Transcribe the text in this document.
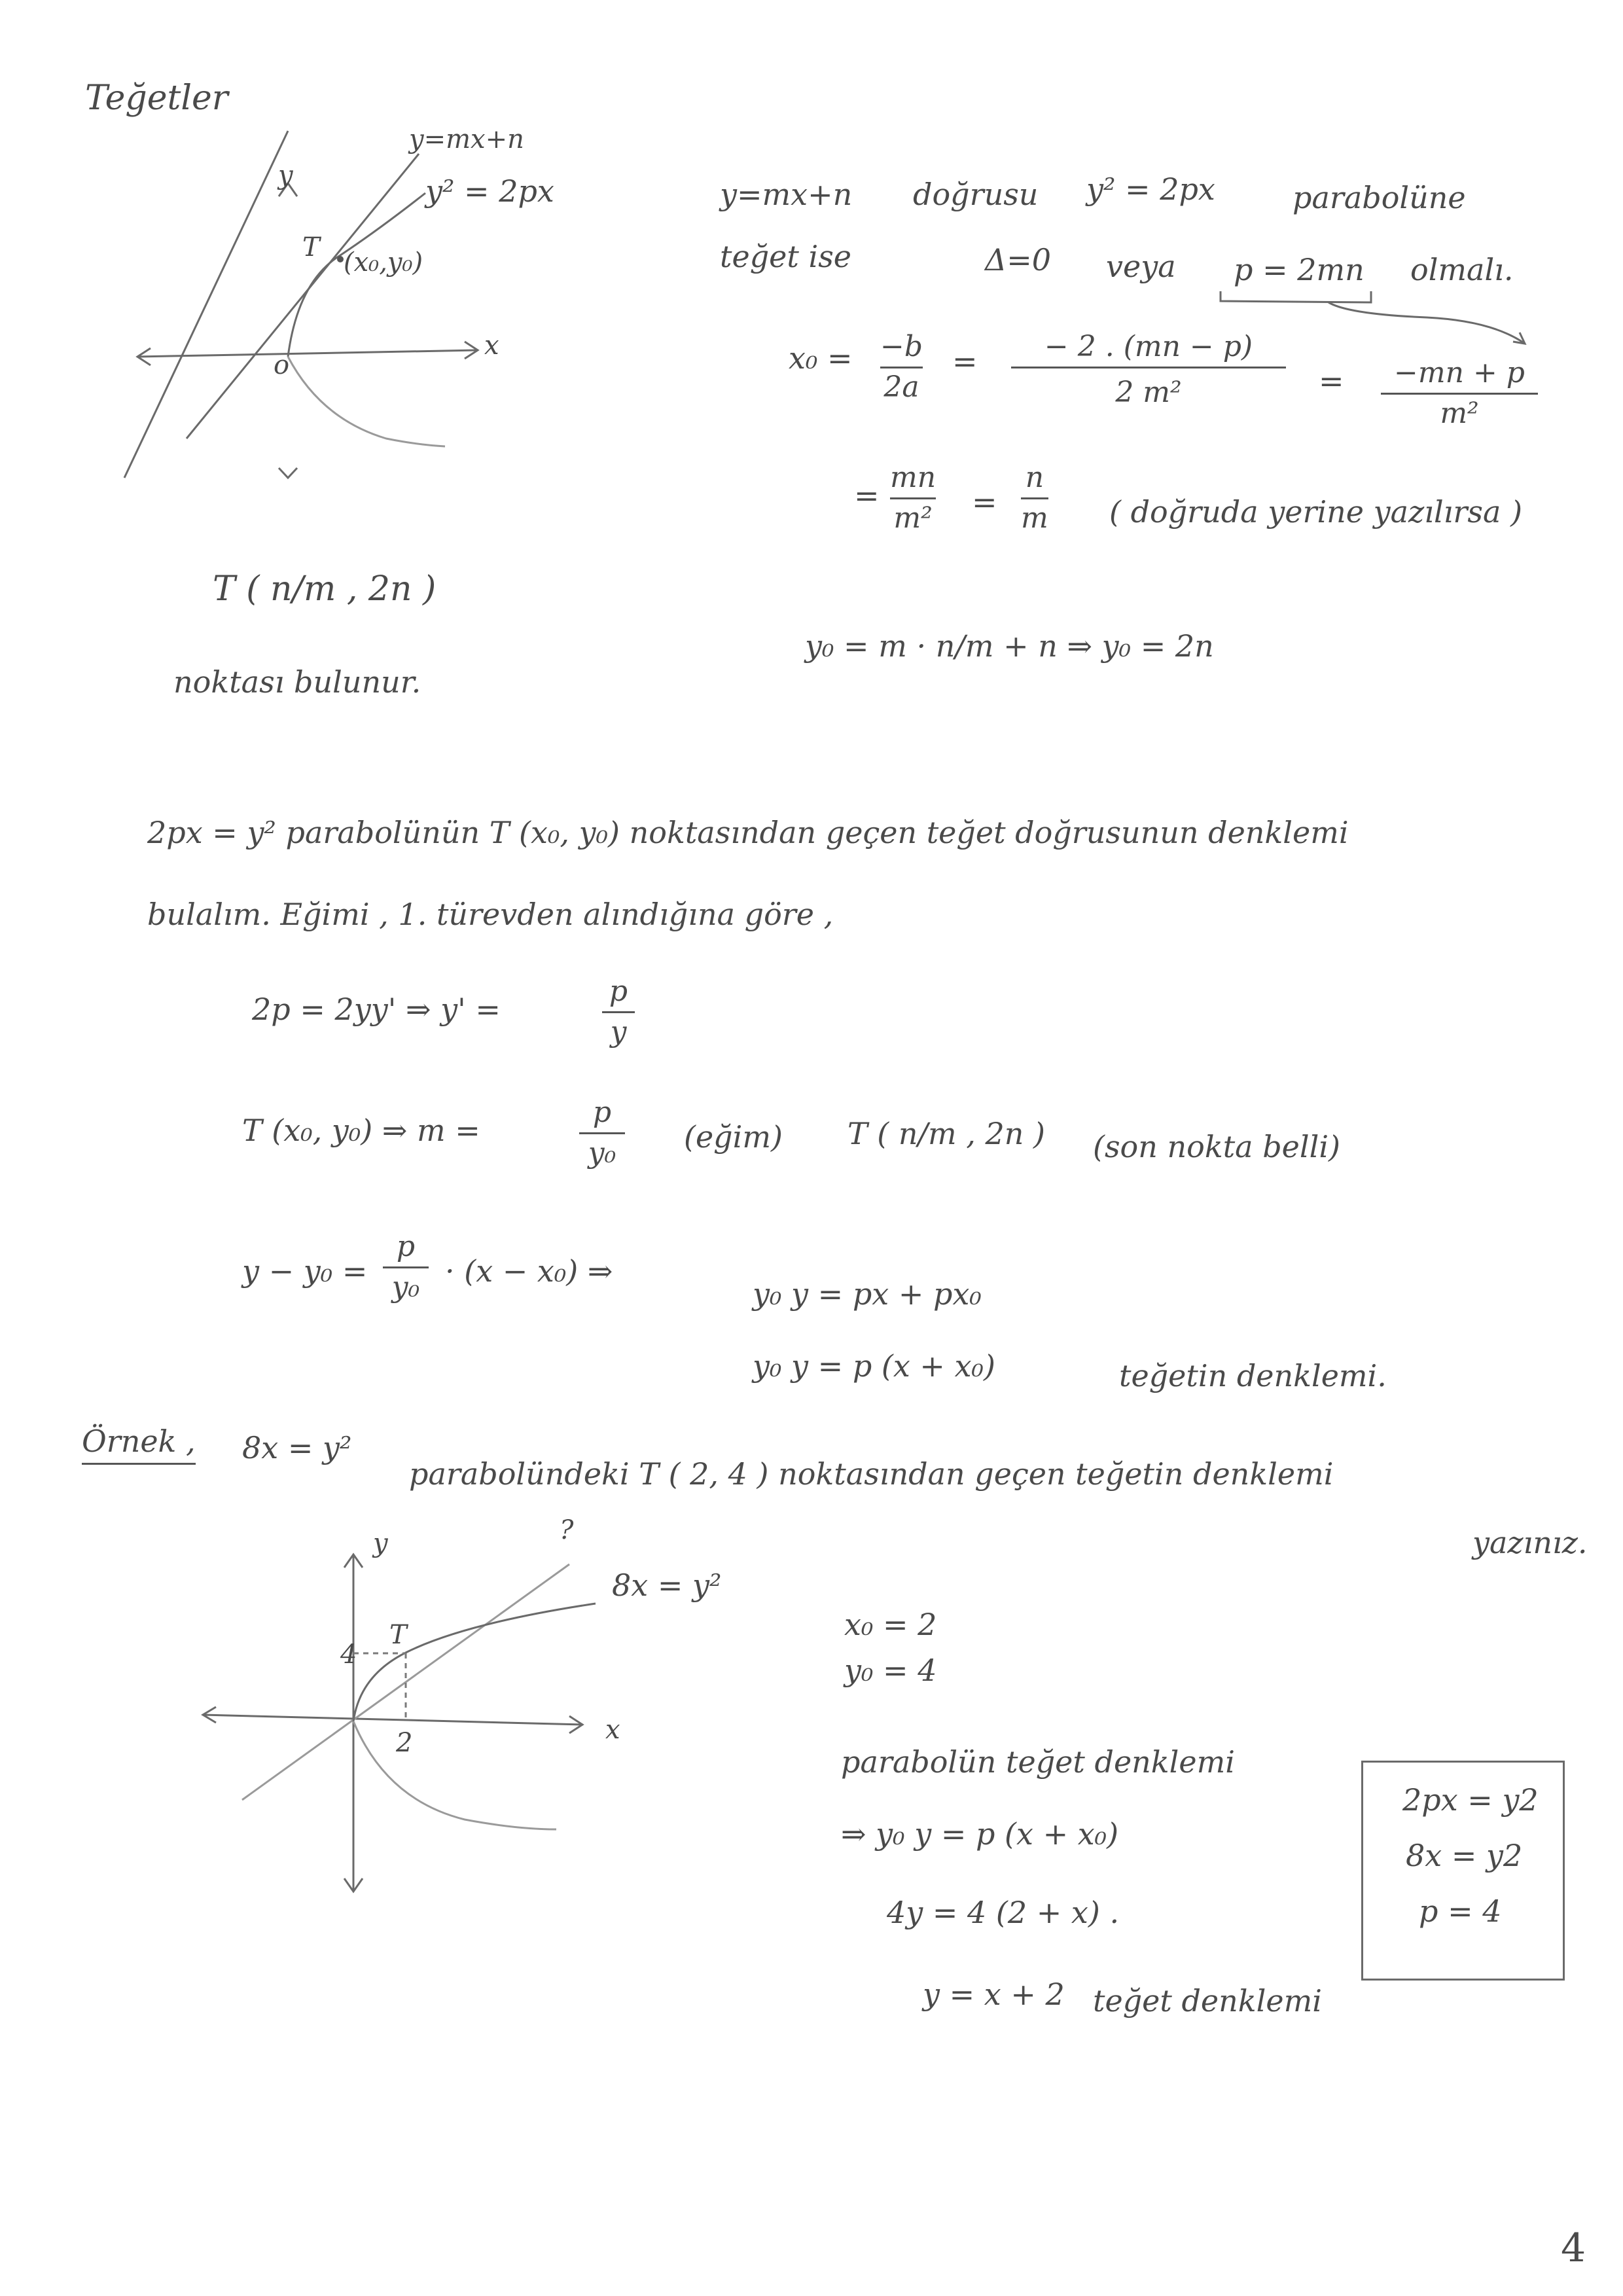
Teğetler
y=mx+n
y² = 2px
y
x
T (x₀,y₀)
o
y=mx+n doğrusu y² = 2px	parabolüne
teğet ise	Δ=0 veya p = 2mn olmalı.
x₀ = −b
2a
= − 2 . (mn − p)
2 m²	= −mn + p
m²
=
mn
m² =
n
m ( doğruda yerine yazılırsa )
y₀ = m · n/m + n ⇒ y₀ = 2n
T ( n/m , 2n )
noktası bulunur.
2px = y² parabolünün T (x₀, y₀) noktasından geçen teğet doğrusunun denklemi
bulalım. Eğimi , 1. türevden alındığına göre ,
2p = 2yy' ⇒ y' =
p
y
T (x₀, y₀) ⇒ m =
p
y₀ (eğim) T ( n/m , 2n ) (son nokta belli)
y − y₀ =
p
y₀ · (x − x₀) ⇒
y₀ y = px + px₀
y₀ y = p (x + x₀)	teğetin denklemi.
Örnek , 8x = y²
parabolündeki T ( 2, 4 ) noktasından geçen teğetin denklemi
yazınız.
y
x
?
8x = y²
T
4
2
x₀ = 2
y₀ = 4
parabolün teğet denklemi
⇒ y₀ y = p (x + x₀)
4y = 4 (2 + x) .
y = x + 2 teğet denklemi
2px = y2
8x = y2
p = 4
4
